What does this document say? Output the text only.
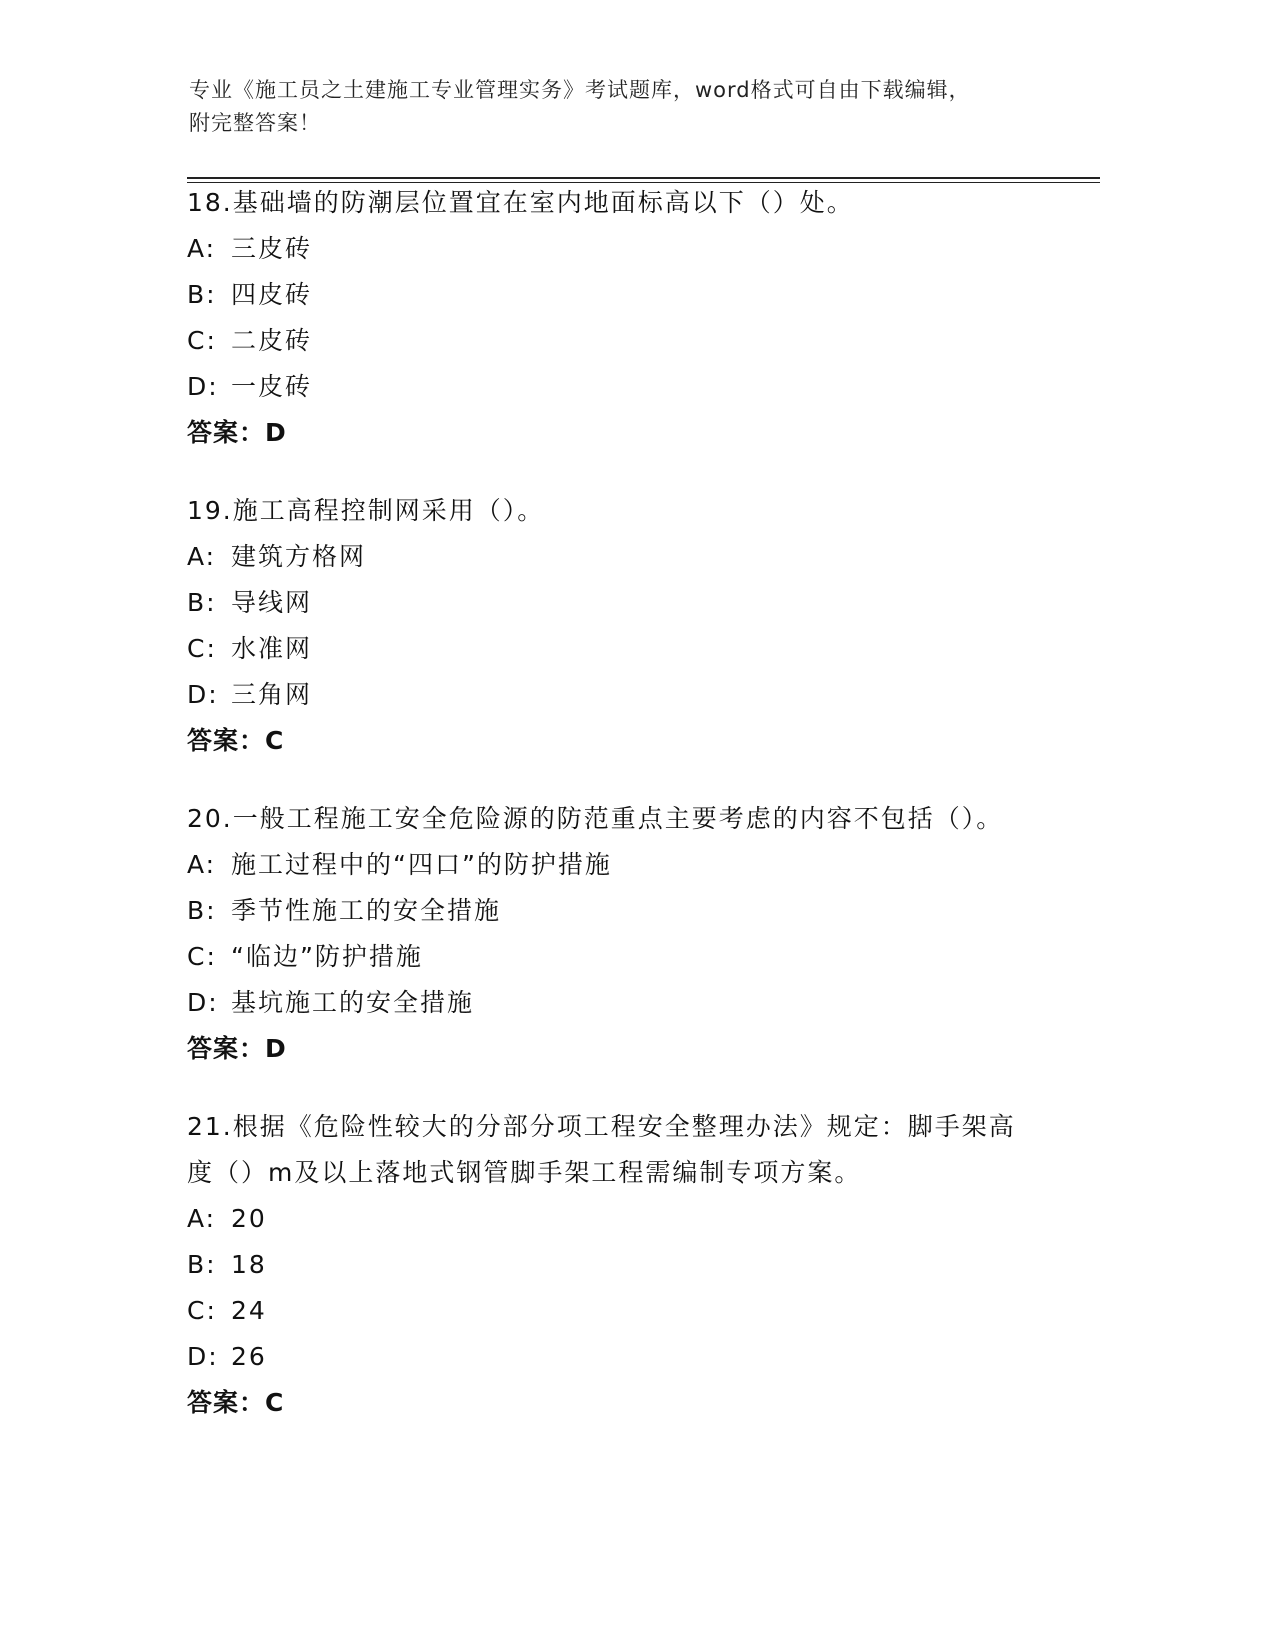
专业《施工员之土建施工专业管理实务》考试题库，word格式可自由下载编辑，
附完整答案！
18.基础墙的防潮层位置宜在室内地面标高以下（）处。
A: 三皮砖
B: 四皮砖
C: 二皮砖
D: 一皮砖
答案：D
19.施工高程控制网采用（）。
A: 建筑方格网
B: 导线网
C: 水准网
D: 三角网
答案：C
20.一般工程施工安全危险源的防范重点主要考虑的内容不包括（）。
A: 施工过程中的“四口”的防护措施
B: 季节性施工的安全措施
C: “临边”防护措施
D: 基坑施工的安全措施
答案：D
21.根据《危险性较大的分部分项工程安全整理办法》规定：脚手架高
度（）m及以上落地式钢管脚手架工程需编制专项方案。
A: 20
B: 18
C: 24
D: 26
答案：C
